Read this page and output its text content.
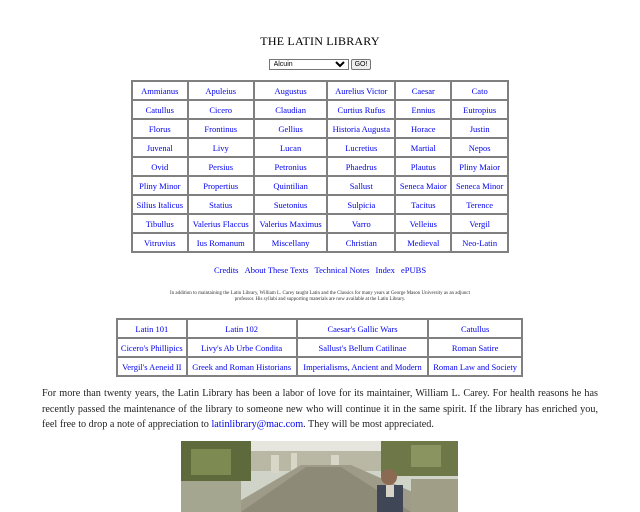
THE LATIN LIBRARY
Alcuin GO!
Ammianus	Apuleius	Augustus	Aurelius Victor	Caesar	Cato
Catullus	Cicero	Claudian	Curtius Rufus	Ennius	Eutropius
Florus	Frontinus	Gellius	Historia Augusta	Horace	Justin
Juvenal	Livy	Lucan	Lucretius	Martial	Nepos
Ovid	Persius	Petronius	Phaedrus	Plautus	Pliny Maior
Pliny Minor	Propertius	Quintilian	Sallust	Seneca Maior	Seneca Minor
Silius Italicus	Statius	Suetonius	Sulpicia	Tacitus	Terence
Tibullus	Valerius Flaccus	Valerius Maximus	Varro	Velleius	Vergil
Vitruvius	Ius Romanum	Miscellany	Christian	Medieval	Neo-Latin
Credits About These Texts Technical Notes Index ePUBS
In addition to maintaining the Latin Library, William L. Carey taught Latin and the Classics for many years at George Mason University as an adjunct professor. His syllabi and supporting materials are now available at the Latin Library.
Latin 101	Latin 102	Caesar's Gallic Wars	Catullus
Cicero's Phillipics	Livy's Ab Urbe Condita	Sallust's Bellum Catilinae	Roman Satire
Vergil's Aeneid II	Greek and Roman Historians	Imperialisms, Ancient and Modern	Roman Law and Society
For more than twenty years, the Latin Library has been a labor of love for its maintainer, William L. Carey. For health reasons he has recently passed the maintenance of the library to someone new who will continue it in the same spirit. If the library has enriched you, feel free to drop a note of appreciation to latinlibrary@mac.com. They will be most appreciated.
